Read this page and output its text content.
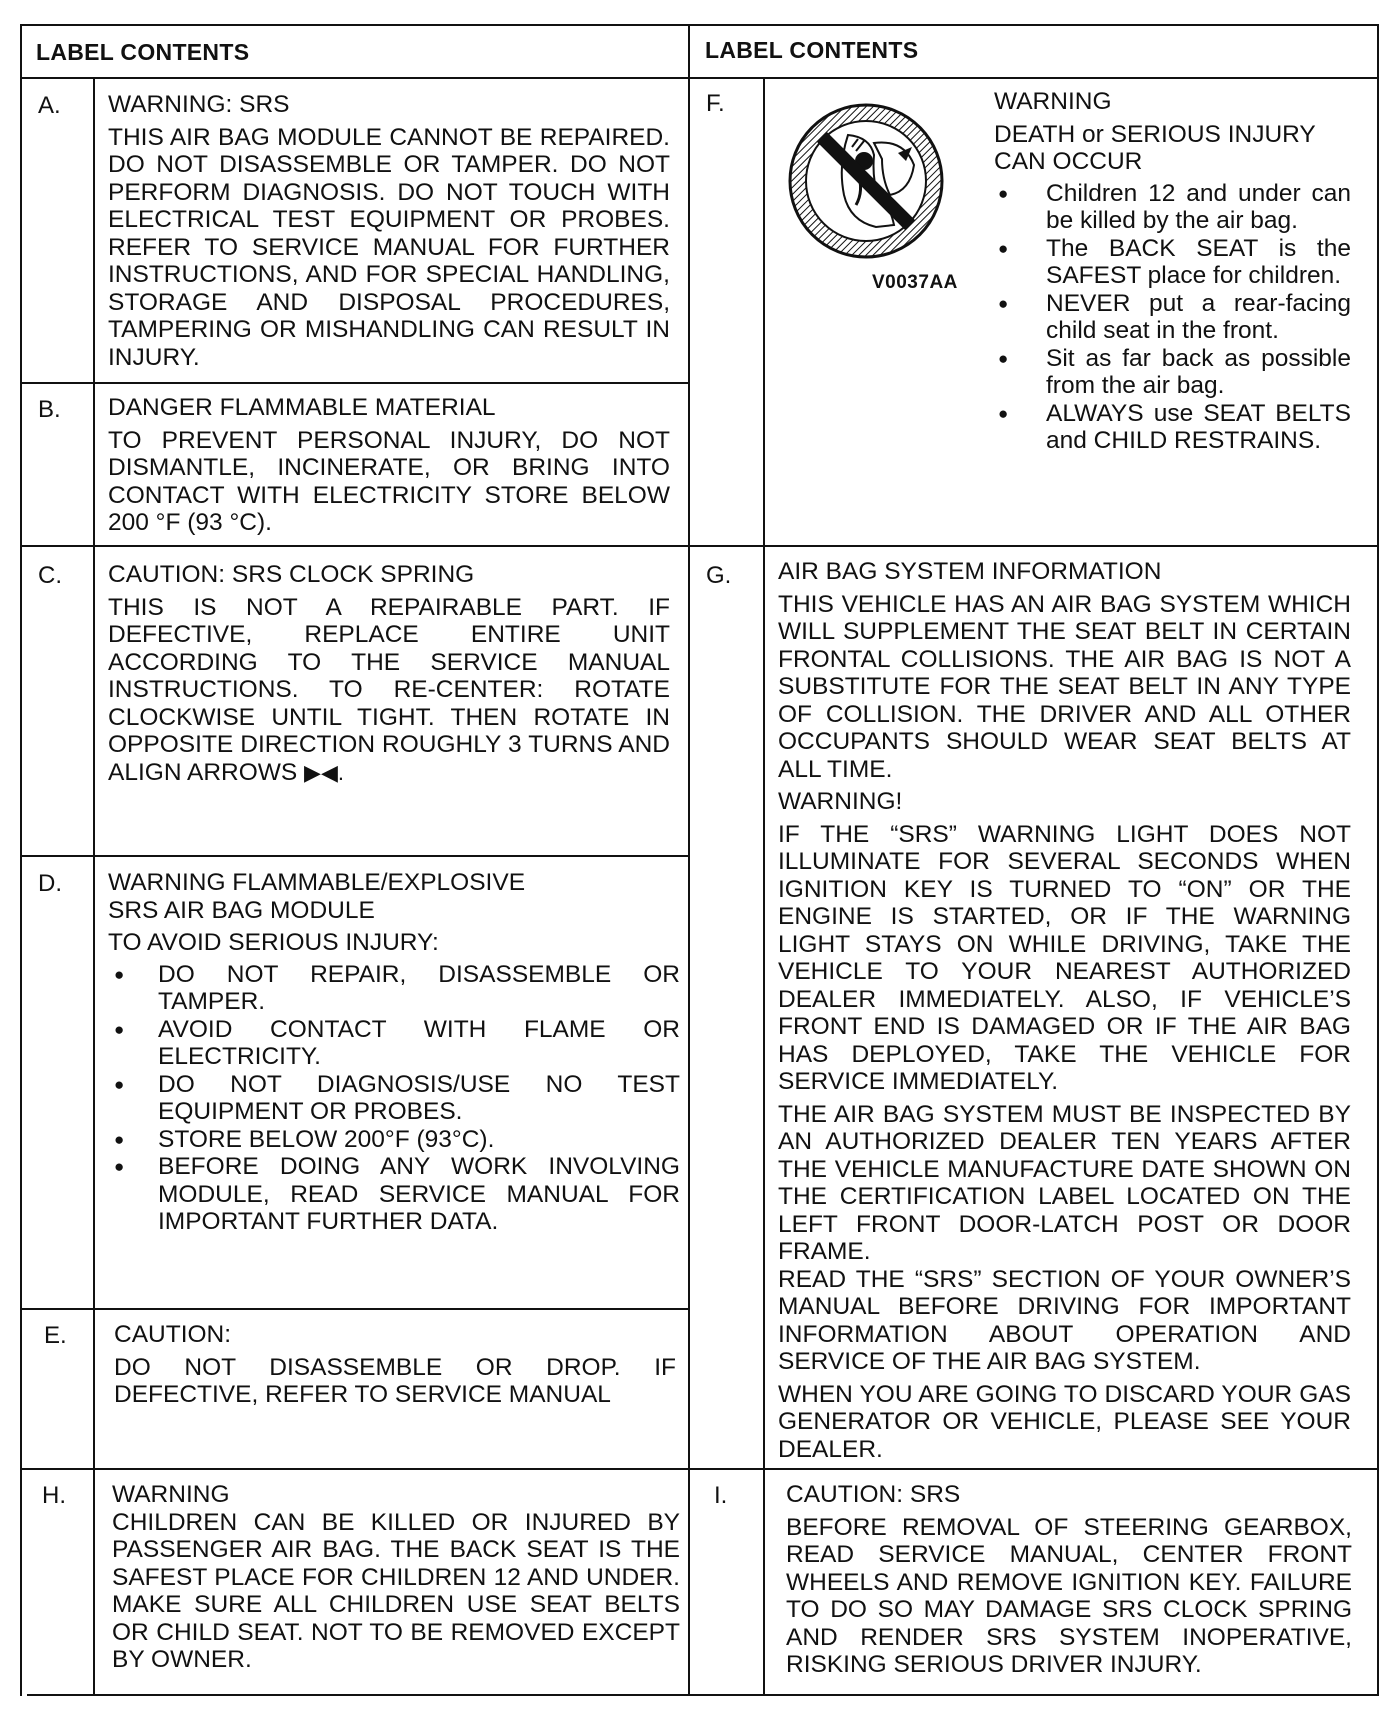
LABEL CONTENTS	LABEL CONTENTS
A. WARNING: SRS

THIS AIR BAG MODULE CANNOT BE REPAIRED. DO NOT DISASSEMBLE OR TAMPER. DO NOT PERFORM DIAGNOSIS. DO NOT TOUCH WITH ELECTRICAL TEST EQUIPMENT OR PROBES. REFER TO SERVICE MANUAL FOR FURTHER INSTRUCTIONS, AND FOR SPECIAL HANDLING, STORAGE AND DISPOSAL PROCEDURES, TAMPERING OR MISHANDLING CAN RESULT IN INJURY.

B. DANGER FLAMMABLE MATERIAL

TO PREVENT PERSONAL INJURY, DO NOT DISMANTLE, INCINERATE, OR BRING INTO CONTACT WITH ELECTRICITY STORE BELOW 200 °F (93 °C).

C. CAUTION: SRS CLOCK SPRING

THIS IS NOT A REPAIRABLE PART. IF DEFECTIVE, REPLACE ENTIRE UNIT ACCORDING TO THE SERVICE MANUAL INSTRUCTIONS. TO RE-CENTER: ROTATE CLOCKWISE UNTIL TIGHT. THEN ROTATE IN OPPOSITE DIRECTION ROUGHLY 3 TURNS AND ALIGN ARROWS ▶◀.

D. WARNING FLAMMABLE/EXPLOSIVE

SRS AIR BAG MODULE

TO AVOID SERIOUS INJURY:

● DO NOT REPAIR, DISASSEMBLE OR TAMPER.
● AVOID CONTACT WITH FLAME OR ELECTRICITY.
● DO NOT DIAGNOSIS/USE NO TEST EQUIPMENT OR PROBES.
● STORE BELOW 200°F (93°C).
● BEFORE DOING ANY WORK INVOLVING MODULE, READ SERVICE MANUAL FOR IMPORTANT FURTHER DATA.
E. CAUTION:

DO NOT DISASSEMBLE OR DROP. IF DEFECTIVE, REFER TO SERVICE MANUAL

F.
V0037AA

WARNING

DEATH or SERIOUS INJURY CAN OCCUR

● Children 12 and under can be killed by the air bag.
● The BACK SEAT is the SAFEST place for children.
● NEVER put a rear-facing child seat in the front.
● Sit as far back as possible from the air bag.
● ALWAYS use SEAT BELTS and CHILD RESTRAINS.
G. AIR BAG SYSTEM INFORMATION

THIS VEHICLE HAS AN AIR BAG SYSTEM WHICH WILL SUPPLEMENT THE SEAT BELT IN CERTAIN FRONTAL COLLISIONS. THE AIR BAG IS NOT A SUBSTITUTE FOR THE SEAT BELT IN ANY TYPE OF COLLISION. THE DRIVER AND ALL OTHER OCCUPANTS SHOULD WEAR SEAT BELTS AT ALL TIME.

WARNING!

IF THE “SRS” WARNING LIGHT DOES NOT ILLUMINATE FOR SEVERAL SECONDS WHEN IGNITION KEY IS TURNED TO “ON” OR THE ENGINE IS STARTED, OR IF THE WARNING LIGHT STAYS ON WHILE DRIVING, TAKE THE VEHICLE TO YOUR NEAREST AUTHORIZED DEALER IMMEDIATELY. ALSO, IF VEHICLE’S FRONT END IS DAMAGED OR IF THE AIR BAG HAS DEPLOYED, TAKE THE VEHICLE FOR SERVICE IMMEDIATELY.

THE AIR BAG SYSTEM MUST BE INSPECTED BY AN AUTHORIZED DEALER TEN YEARS AFTER THE VEHICLE MANUFACTURE DATE SHOWN ON THE CERTIFICATION LABEL LOCATED ON THE LEFT FRONT DOOR-LATCH POST OR DOOR FRAME.

READ THE “SRS” SECTION OF YOUR OWNER’S MANUAL BEFORE DRIVING FOR IMPORTANT INFORMATION ABOUT OPERATION AND SERVICE OF THE AIR BAG SYSTEM.

WHEN YOU ARE GOING TO DISCARD YOUR GAS GENERATOR OR VEHICLE, PLEASE SEE YOUR DEALER.

H. WARNING

CHILDREN CAN BE KILLED OR INJURED BY PASSENGER AIR BAG. THE BACK SEAT IS THE SAFEST PLACE FOR CHILDREN 12 AND UNDER. MAKE SURE ALL CHILDREN USE SEAT BELTS OR CHILD SEAT. NOT TO BE REMOVED EXCEPT BY OWNER.

I. CAUTION: SRS

BEFORE REMOVAL OF STEERING GEARBOX, READ SERVICE MANUAL, CENTER FRONT WHEELS AND REMOVE IGNITION KEY. FAILURE TO DO SO MAY DAMAGE SRS CLOCK SPRING AND RENDER SRS SYSTEM INOPERATIVE, RISKING SERIOUS DRIVER INJURY.
